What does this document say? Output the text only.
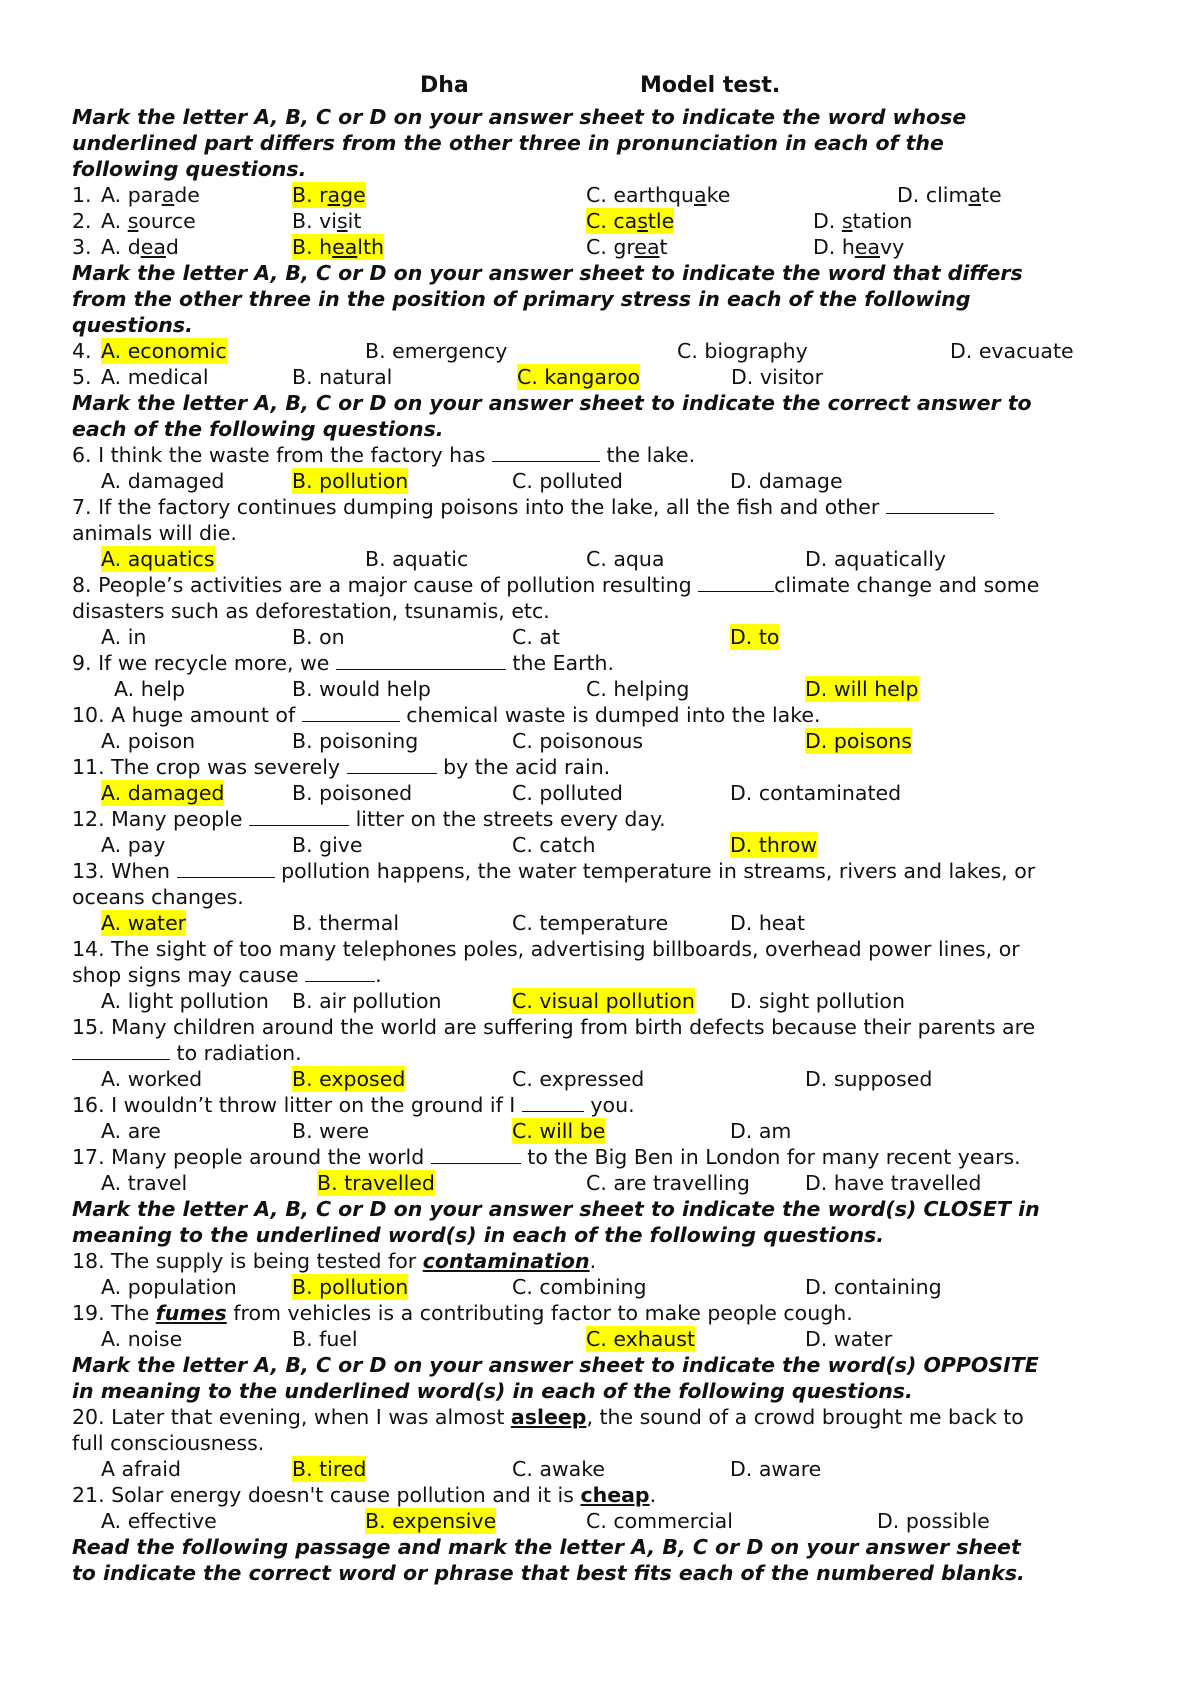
Dha	Model test.
Mark the letter A, B, C or D on your answer sheet to indicate the word whose
underlined part differs from the other three in pronunciation in each of the
following questions.
1. A. parade	B. rage	C. earthquake	D. climate
2. A. source	B. visit	C. castle	D. station
3. A. dead	B. health	C. great	D. heavy
Mark the letter A, B, C or D on your answer sheet to indicate the word that differs
from the other three in the position of primary stress in each of the following
questions.
4. A. economic	B. emergency	C. biography	D. evacuate
5. A. medical	B. natural	C. kangaroo	D. visitor
Mark the letter A, B, C or D on your answer sheet to indicate the correct answer to
each of the following questions.
6. I think the waste from the factory has	the lake.
A. damaged	B. pollution	C. polluted	D. damage
7. If the factory continues dumping poisons into the lake, all the fish and other
animals will die.
A. aquatics	B. aquatic	C. aqua	D. aquatically
8. People’s activities are a major cause of pollution resulting	climate change and some
disasters such as deforestation, tsunamis, etc.
A. in	B. on	C. at	D. to
9. If we recycle more, we	the Earth.
A. help	B. would help	C. helping	D. will help
10. A huge amount of	chemical waste is dumped into the lake.
A. poison	B. poisoning	C. poisonous	D. poisons
11. The crop was severely	by the acid rain.
A. damaged	B. poisoned	C. polluted	D. contaminated
12. Many people	litter on the streets every day.
A. pay	B. give	C. catch	D. throw
13. When	pollution happens, the water temperature in streams, rivers and lakes, or
oceans changes.
A. water	B. thermal	C. temperature	D. heat
14. The sight of too many telephones poles, advertising billboards, overhead power lines, or
shop signs may cause	.
A. light pollution B. air pollution	C. visual pollution D. sight pollution
15. Many children around the world are suffering from birth defects because their parents are
to radiation.
A. worked	B. exposed	C. expressed	D. supposed
16. I wouldn’t throw litter on the ground if I	you.
A. are	B. were	C. will be	D. am
17. Many people around the world	to the Big Ben in London for many recent years.
A. travel	B. travelled	C. are travelling	D. have travelled
Mark the letter A, B, C or D on your answer sheet to indicate the word(s) CLOSET in
meaning to the underlined word(s) in each of the following questions.
18. The supply is being tested for contamination.
A. population	B. pollution	C. combining	D. containing
19. The fumes from vehicles is a contributing factor to make people cough.
A. noise	B. fuel	C. exhaust	D. water
Mark the letter A, B, C or D on your answer sheet to indicate the word(s) OPPOSITE
in meaning to the underlined word(s) in each of the following questions.
20. Later that evening, when I was almost asleep, the sound of a crowd brought me back to
full consciousness.
A afraid	B. tired	C. awake	D. aware
21. Solar energy doesn't cause pollution and it is cheap.
A. effective	B. expensive	C. commercial	D. possible
Read the following passage and mark the letter A, B, C or D on your answer sheet
to indicate the correct word or phrase that best fits each of the numbered blanks.
